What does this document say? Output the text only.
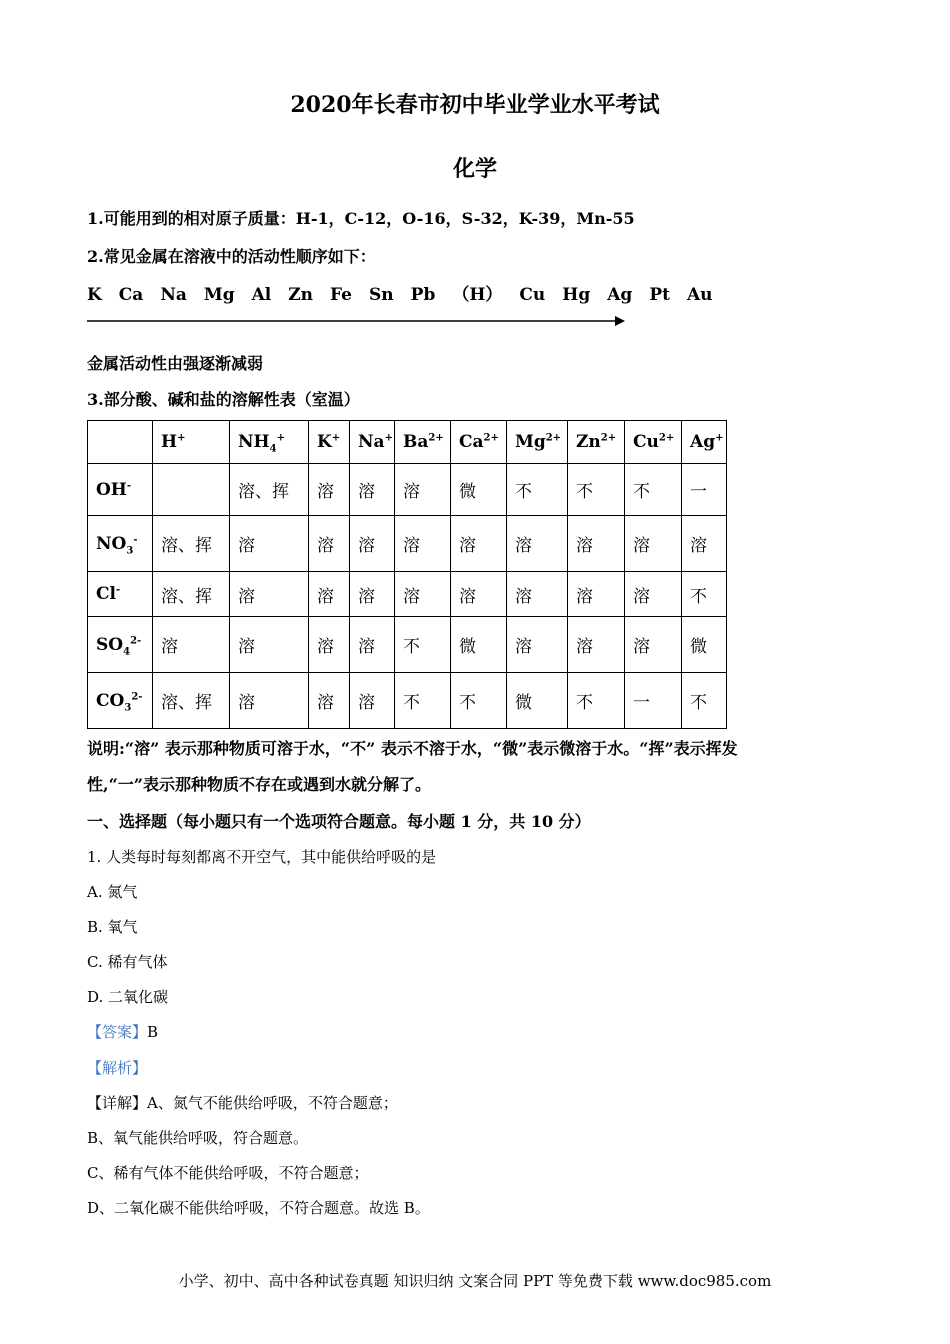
2020年长春市初中毕业学业水平考试
化学
1.可能用到的相对原子质量：H-1，C-12，O-16，S-32，K-39，Mn-55
2.常见金属在溶液中的活动性顺序如下：
K Ca Na Mg Al Zn Fe Sn Pb （H） Cu Hg Ag Pt Au
金属活动性由强逐渐减弱
3.部分酸、碱和盐的溶解性表（室温）
	H+	$NH_4^+$	K+	Na+	$Ba^{2+}$	$Ca^{2+}$	$Mg^{2+}$	$Zn^{2+}$	$Cu^{2+}$	Ag+
OH-		溶、挥	溶	溶	溶	微	不	不	不	一
$NO_3^-$	溶、挥	溶	溶	溶	溶	溶	溶	溶	溶	溶
Cl-	溶、挥	溶	溶	溶	溶	溶	溶	溶	溶	不
$SO_4^{2-}$	溶	溶	溶	溶	不	微	溶	溶	溶	微
$CO_3^{2-}$	溶、挥	溶	溶	溶	不	不	微	不	一	不
说明:“溶” 表示那种物质可溶于水，“不” 表示不溶于水，“微”表示微溶于水。“挥”表示挥发
性,“一”表示那种物质不存在或遇到水就分解了。
一、选择题（每小题只有一个选项符合题意。每小题 1 分，共 10 分）
1. 人类每时每刻都离不开空气，其中能供给呼吸的是
A. 氮气
B. 氧气
C. 稀有气体
D. 二氧化碳
【答案】B
【解析】
【详解】A、氮气不能供给呼吸，不符合题意；
B、氧气能供给呼吸，符合题意。
C、稀有气体不能供给呼吸，不符合题意；
D、二氧化碳不能供给呼吸，不符合题意。故选 B。
小学、初中、高中各种试卷真题 知识归纳 文案合同 PPT 等免费下载 www.doc985.com
